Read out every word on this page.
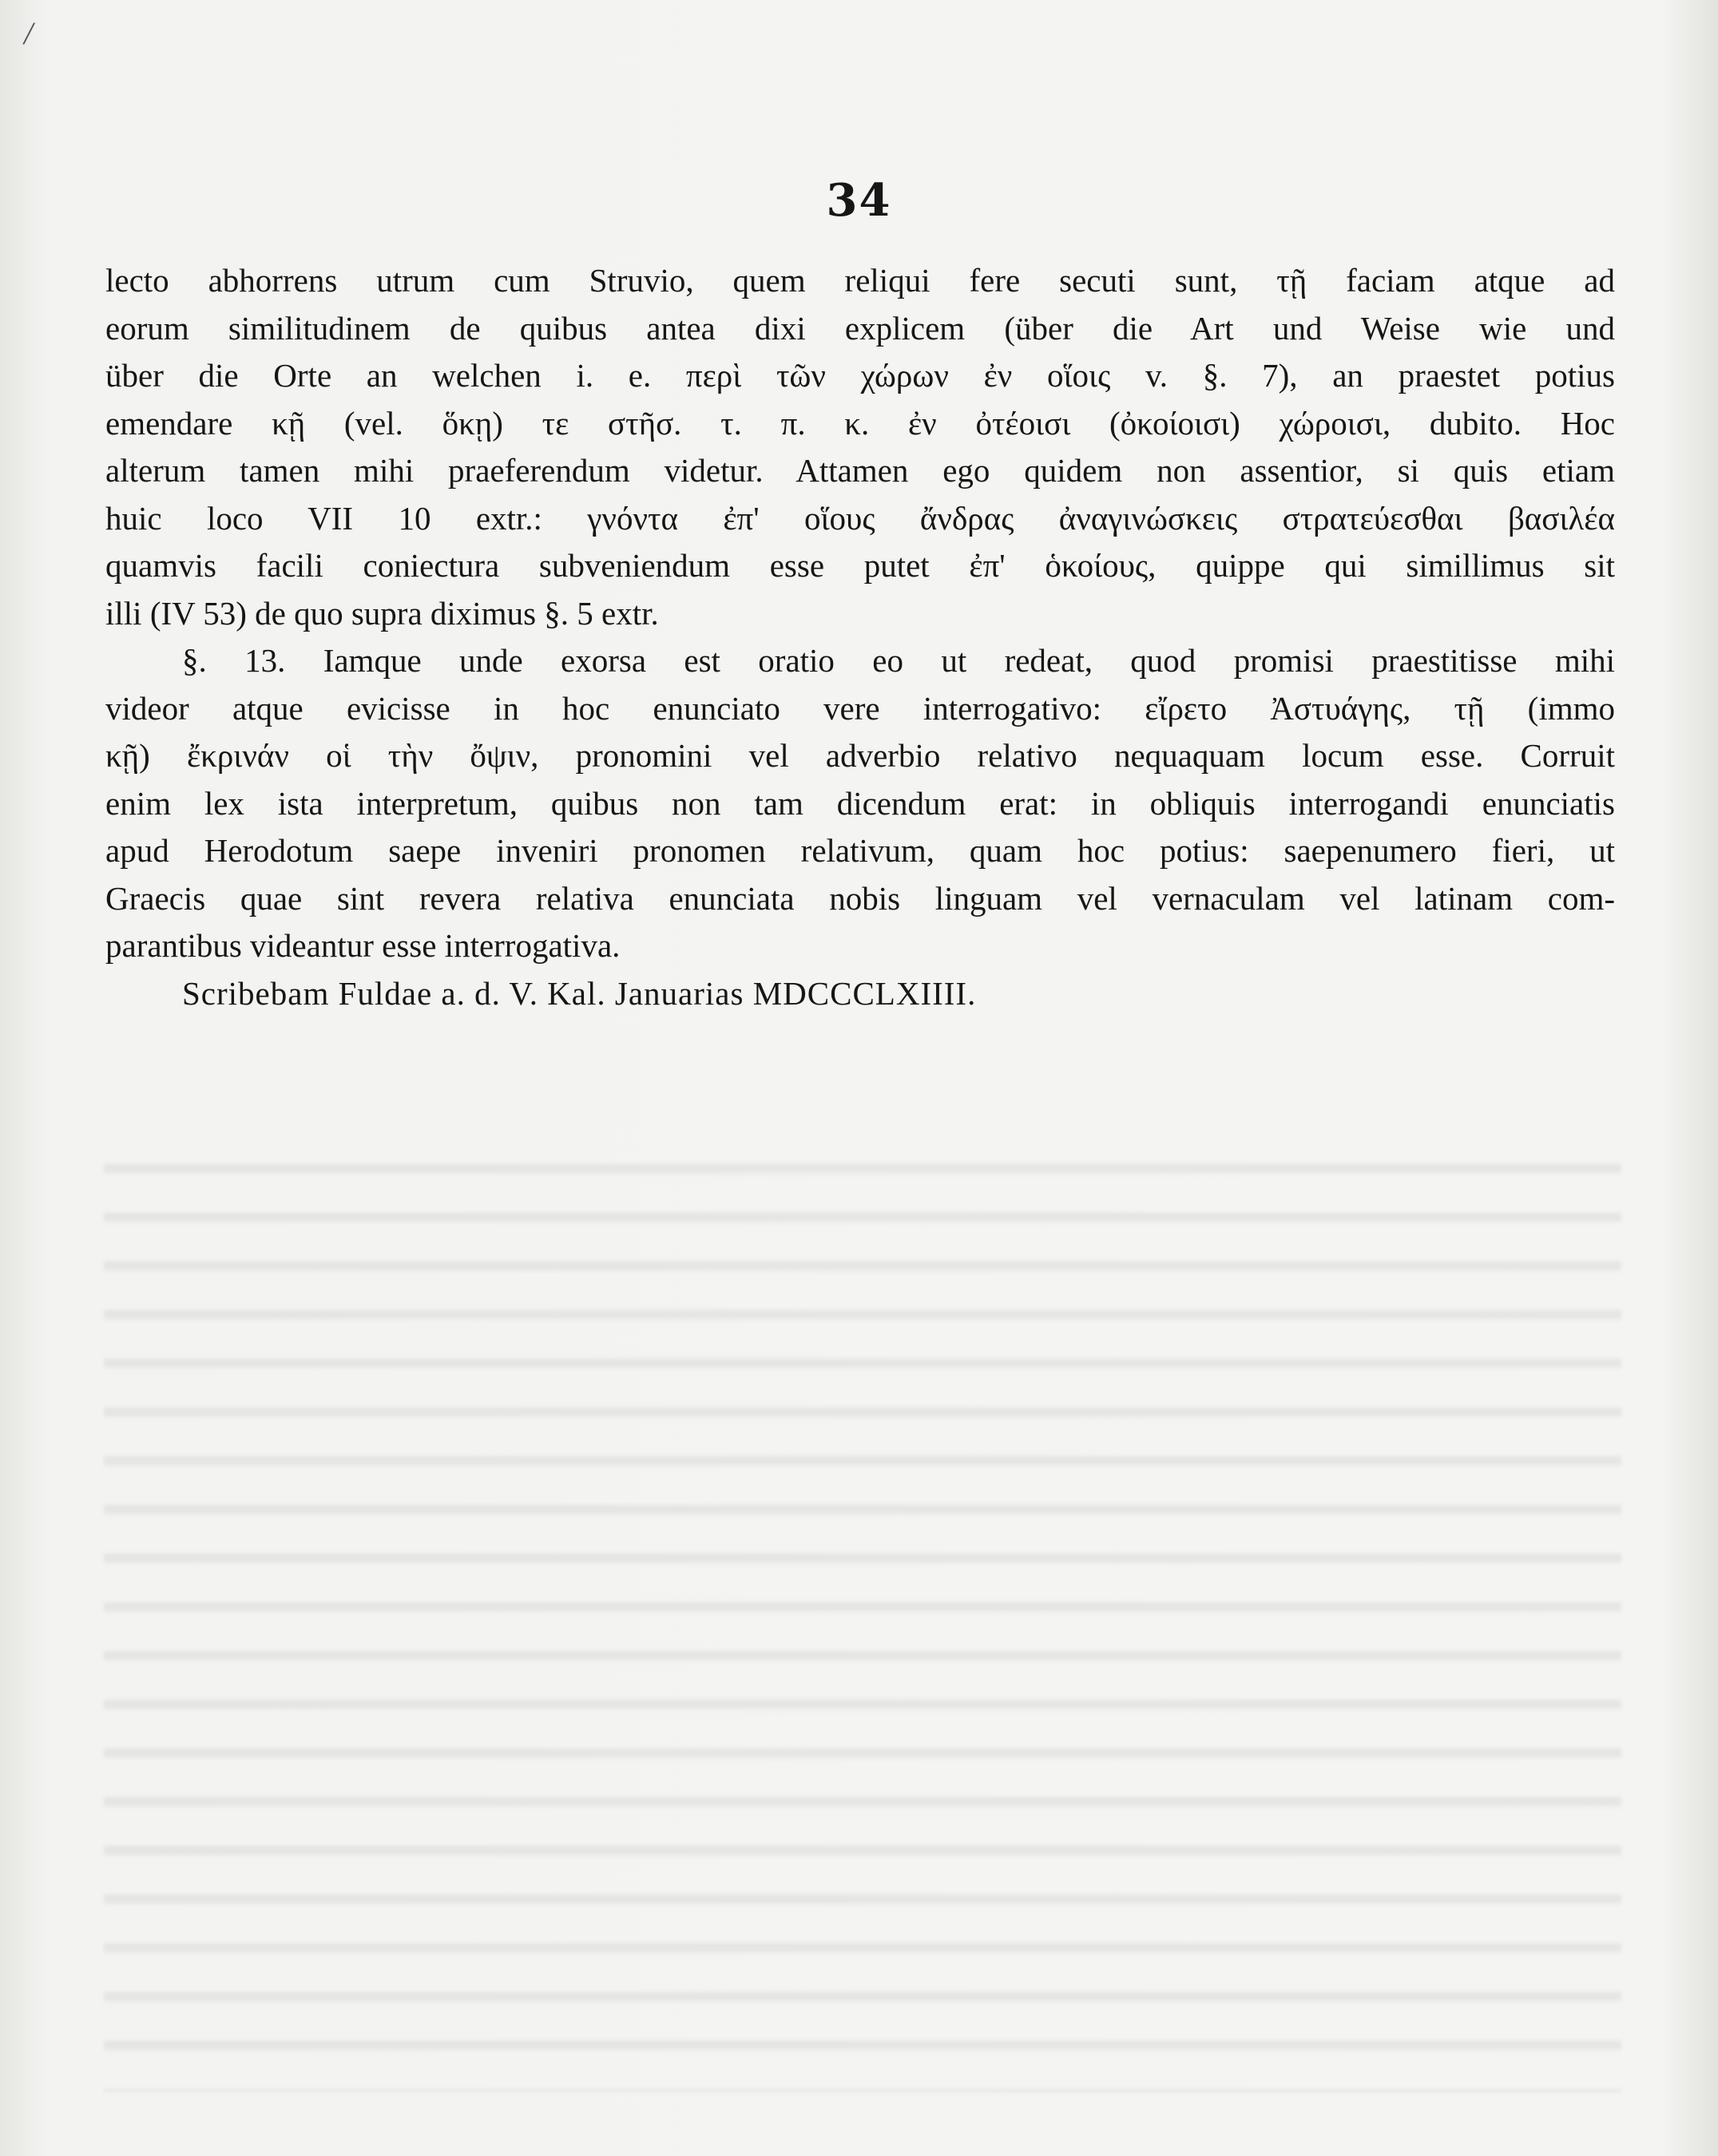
/
34
lecto abhorrens utrum cum Struvio, quem reliqui fere secuti sunt, τῇ faciam atque ad
eorum similitudinem de quibus antea dixi explicem (über die Art und Weise wie und
über die Orte an welchen i. e. περὶ τῶν χώρων ἐν οἵοις v. §. 7), an praestet potius
emendare κῇ (vel. ὅκῃ) τε στῆσ. τ. π. κ. ἐν ὀτέοισι (ὀκοίοισι) χώροισι, dubito. Hoc
alterum tamen mihi praeferendum videtur. Attamen ego quidem non assentior, si quis etiam
huic loco VII 10 extr.: γνόντα ἐπ' οἵους ἄνδρας ἀναγινώσκεις στρατεύεσθαι βασιλέα
quamvis facili coniectura subveniendum esse putet ἐπ' ὁκοίους, quippe qui simillimus sit
illi (IV 53) de quo supra diximus §. 5 extr.
§. 13. Iamque unde exorsa est oratio eo ut redeat, quod promisi praestitisse mihi
videor atque evicisse in hoc enunciato vere interrogativo: εἴρετο Ἀστυάγης, τῇ (immo
κῇ) ἔκρινάν οἱ τὴν ὄψιν, pronomini vel adverbio relativo nequaquam locum esse. Corruit
enim lex ista interpretum, quibus non tam dicendum erat: in obliquis interrogandi enunciatis
apud Herodotum saepe inveniri pronomen relativum, quam hoc potius: saepenumero fieri, ut
Graecis quae sint revera relativa enunciata nobis linguam vel vernaculam vel latinam com-
parantibus videantur esse interrogativa.
Scribebam Fuldae a. d. V. Kal. Januarias MDCCCLXIIII.
